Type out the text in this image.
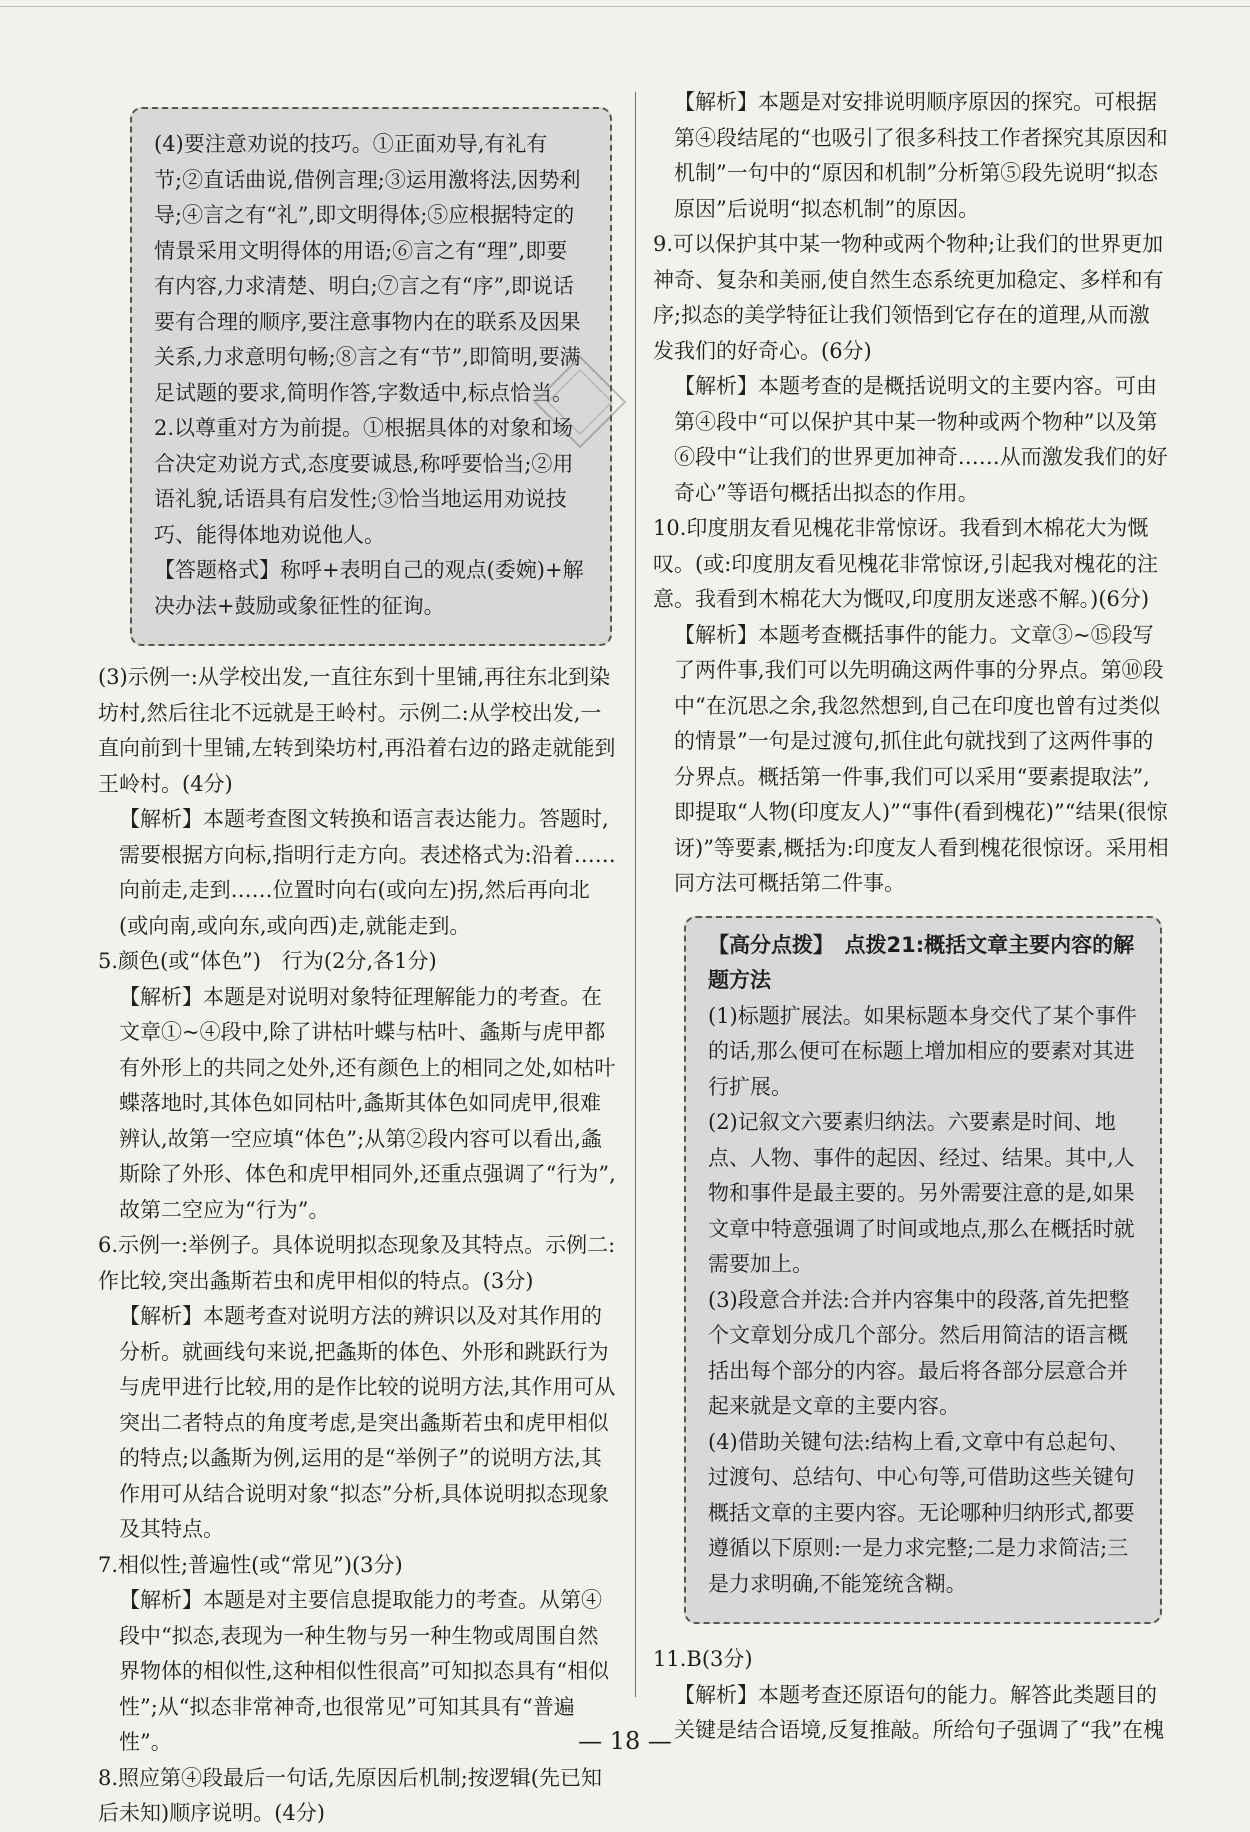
(4)要注意劝说的技巧。①正面劝导,有礼有节;②直话曲说,借例言理;③运用激将法,因势利导;④言之有“礼”,即文明得体;⑤应根据特定的情景采用文明得体的用语;⑥言之有“理”,即要有内容,力求清楚、明白;⑦言之有“序”,即说话要有合理的顺序,要注意事物内在的联系及因果关系,力求意明句畅;⑧言之有“节”,即简明,要满足试题的要求,简明作答,字数适中,标点恰当。

2.以尊重对方为前提。①根据具体的对象和场合决定劝说方式,态度要诚恳,称呼要恰当;②用语礼貌,话语具有启发性;③恰当地运用劝说技巧、能得体地劝说他人。

【答题格式】称呼+表明自己的观点(委婉)+解决办法+鼓励或象征性的征询。

(3)示例一:从学校出发,一直往东到十里铺,再往东北到染坊村,然后往北不远就是王岭村。示例二:从学校出发,一直向前到十里铺,左转到染坊村,再沿着右边的路走就能到王岭村。(4分)

【解析】本题考查图文转换和语言表达能力。答题时,需要根据方向标,指明行走方向。表述格式为:沿着……向前走,走到……位置时向右(或向左)拐,然后再向北(或向南,或向东,或向西)走,就能走到。

5.颜色(或“体色”)　行为(2分,各1分)

【解析】本题是对说明对象特征理解能力的考查。在文章①~④段中,除了讲枯叶蝶与枯叶、螽斯与虎甲都有外形上的共同之处外,还有颜色上的相同之处,如枯叶蝶落地时,其体色如同枯叶,螽斯其体色如同虎甲,很难辨认,故第一空应填“体色”;从第②段内容可以看出,螽斯除了外形、体色和虎甲相同外,还重点强调了“行为”,故第二空应为“行为”。

6.示例一:举例子。具体说明拟态现象及其特点。示例二:作比较,突出螽斯若虫和虎甲相似的特点。(3分)

【解析】本题考查对说明方法的辨识以及对其作用的分析。就画线句来说,把螽斯的体色、外形和跳跃行为与虎甲进行比较,用的是作比较的说明方法,其作用可从突出二者特点的角度考虑,是突出螽斯若虫和虎甲相似的特点;以螽斯为例,运用的是“举例子”的说明方法,其作用可从结合说明对象“拟态”分析,具体说明拟态现象及其特点。

7.相似性;普遍性(或“常见”)(3分)

【解析】本题是对主要信息提取能力的考查。从第④段中“拟态,表现为一种生物与另一种生物或周围自然界物体的相似性,这种相似性很高”可知拟态具有“相似性”;从“拟态非常神奇,也很常见”可知其具有“普遍性”。

8.照应第④段最后一句话,先原因后机制;按逻辑(先已知后未知)顺序说明。(4分)

【解析】本题是对安排说明顺序原因的探究。可根据第④段结尾的“也吸引了很多科技工作者探究其原因和机制”一句中的“原因和机制”分析第⑤段先说明“拟态原因”后说明“拟态机制”的原因。

9.可以保护其中某一物种或两个物种;让我们的世界更加神奇、复杂和美丽,使自然生态系统更加稳定、多样和有序;拟态的美学特征让我们领悟到它存在的道理,从而激发我们的好奇心。(6分)

【解析】本题考查的是概括说明文的主要内容。可由第④段中“可以保护其中某一物种或两个物种”以及第⑥段中“让我们的世界更加神奇……从而激发我们的好奇心”等语句概括出拟态的作用。

10.印度朋友看见槐花非常惊讶。我看到木棉花大为慨叹。(或:印度朋友看见槐花非常惊讶,引起我对槐花的注意。我看到木棉花大为慨叹,印度朋友迷惑不解。)(6分)

【解析】本题考查概括事件的能力。文章③~⑮段写了两件事,我们可以先明确这两件事的分界点。第⑩段中“在沉思之余,我忽然想到,自己在印度也曾有过类似的情景”一句是过渡句,抓住此句就找到了这两件事的分界点。概括第一件事,我们可以采用“要素提取法”,即提取“人物(印度友人)”“事件(看到槐花)”“结果(很惊讶)”等要素,概括为:印度友人看到槐花很惊讶。采用相同方法可概括第二件事。

【高分点拨】　点拨21:概括文章主要内容的解题方法

(1)标题扩展法。如果标题本身交代了某个事件的话,那么便可在标题上增加相应的要素对其进行扩展。

(2)记叙文六要素归纳法。六要素是时间、地点、人物、事件的起因、经过、结果。其中,人物和事件是最主要的。另外需要注意的是,如果文章中特意强调了时间或地点,那么在概括时就需要加上。

(3)段意合并法:合并内容集中的段落,首先把整个文章划分成几个部分。然后用简洁的语言概括出每个部分的内容。最后将各部分层意合并起来就是文章的主要内容。

(4)借助关键句法:结构上看,文章中有总起句、过渡句、总结句、中心句等,可借助这些关键句概括文章的主要内容。无论哪种归纳形式,都要遵循以下原则:一是力求完整;二是力求简洁;三是力求明确,不能笼统含糊。

11.B(3分)

【解析】本题考查还原语句的能力。解答此类题目的关键是结合语境,反复推敲。所给句子强调了“我”在槐

— 18 —
